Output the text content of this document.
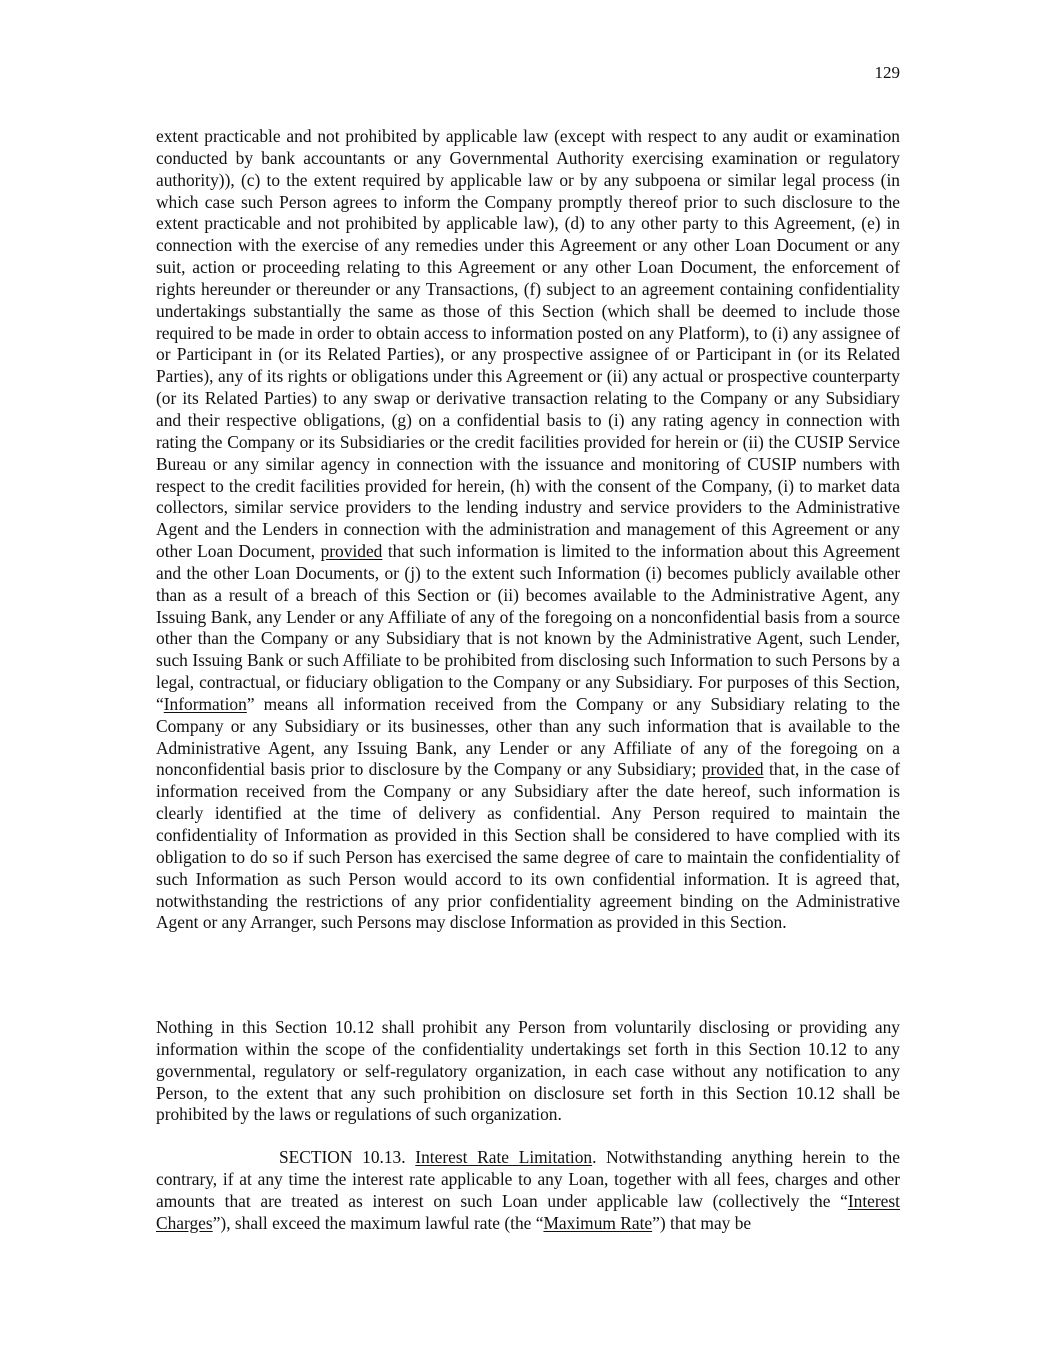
129

extent practicable and not prohibited by applicable law (except with respect to any audit or examination conducted by bank accountants or any Governmental Authority exercising examination or regulatory authority)), (c) to the extent required by applicable law or by any subpoena or similar legal process (in which case such Person agrees to inform the Company promptly thereof prior to such disclosure to the extent practicable and not prohibited by applicable law), (d) to any other party to this Agreement, (e) in connection with the exercise of any remedies under this Agreement or any other Loan Document or any suit, action or proceeding relating to this Agreement or any other Loan Document, the enforcement of rights hereunder or thereunder or any Transactions, (f) subject to an agreement containing confidentiality undertakings substantially the same as those of this Section (which shall be deemed to include those required to be made in order to obtain access to information posted on any Platform), to (i) any assignee of or Participant in (or its Related Parties), or any prospective assignee of or Participant in (or its Related Parties), any of its rights or obligations under this Agreement or (ii) any actual or prospective counterparty (or its Related Parties) to any swap or derivative transaction relating to the Company or any Subsidiary and their respective obligations, (g) on a confidential basis to (i) any rating agency in connection with rating the Company or its Subsidiaries or the credit facilities provided for herein or (ii) the CUSIP Service Bureau or any similar agency in connection with the issuance and monitoring of CUSIP numbers with respect to the credit facilities provided for herein, (h) with the consent of the Company, (i) to market data collectors, similar service providers to the lending industry and service providers to the Administrative Agent and the Lenders in connection with the administration and management of this Agreement or any other Loan Document, provided that such information is limited to the information about this Agreement and the other Loan Documents, or (j) to the extent such Information (i) becomes publicly available other than as a result of a breach of this Section or (ii) becomes available to the Administrative Agent, any Issuing Bank, any Lender or any Affiliate of any of the foregoing on a nonconfidential basis from a source other than the Company or any Subsidiary that is not known by the Administrative Agent, such Lender, such Issuing Bank or such Affiliate to be prohibited from disclosing such Information to such Persons by a legal, contractual, or fiduciary obligation to the Company or any Subsidiary. For purposes of this Section, “Information” means all information received from the Company or any Subsidiary relating to the Company or any Subsidiary or its businesses, other than any such information that is available to the Administrative Agent, any Issuing Bank, any Lender or any Affiliate of any of the foregoing on a nonconfidential basis prior to disclosure by the Company or any Subsidiary; provided that, in the case of information received from the Company or any Subsidiary after the date hereof, such information is clearly identified at the time of delivery as confidential. Any Person required to maintain the confidentiality of Information as provided in this Section shall be considered to have complied with its obligation to do so if such Person has exercised the same degree of care to maintain the confidentiality of such Information as such Person would accord to its own confidential information. It is agreed that, notwithstanding the restrictions of any prior confidentiality agreement binding on the Administrative Agent or any Arranger, such Persons may disclose Information as provided in this Section.

Nothing in this Section 10.12 shall prohibit any Person from voluntarily disclosing or providing any information within the scope of the confidentiality undertakings set forth in this Section 10.12 to any governmental, regulatory or self-regulatory organization, in each case without any notification to any Person, to the extent that any such prohibition on disclosure set forth in this Section 10.12 shall be prohibited by the laws or regulations of such organization.

SECTION 10.13. Interest Rate Limitation. Notwithstanding anything herein to the contrary, if at any time the interest rate applicable to any Loan, together with all fees, charges and other amounts that are treated as interest on such Loan under applicable law (collectively the “Interest Charges”), shall exceed the maximum lawful rate (the “Maximum Rate”) that may be
